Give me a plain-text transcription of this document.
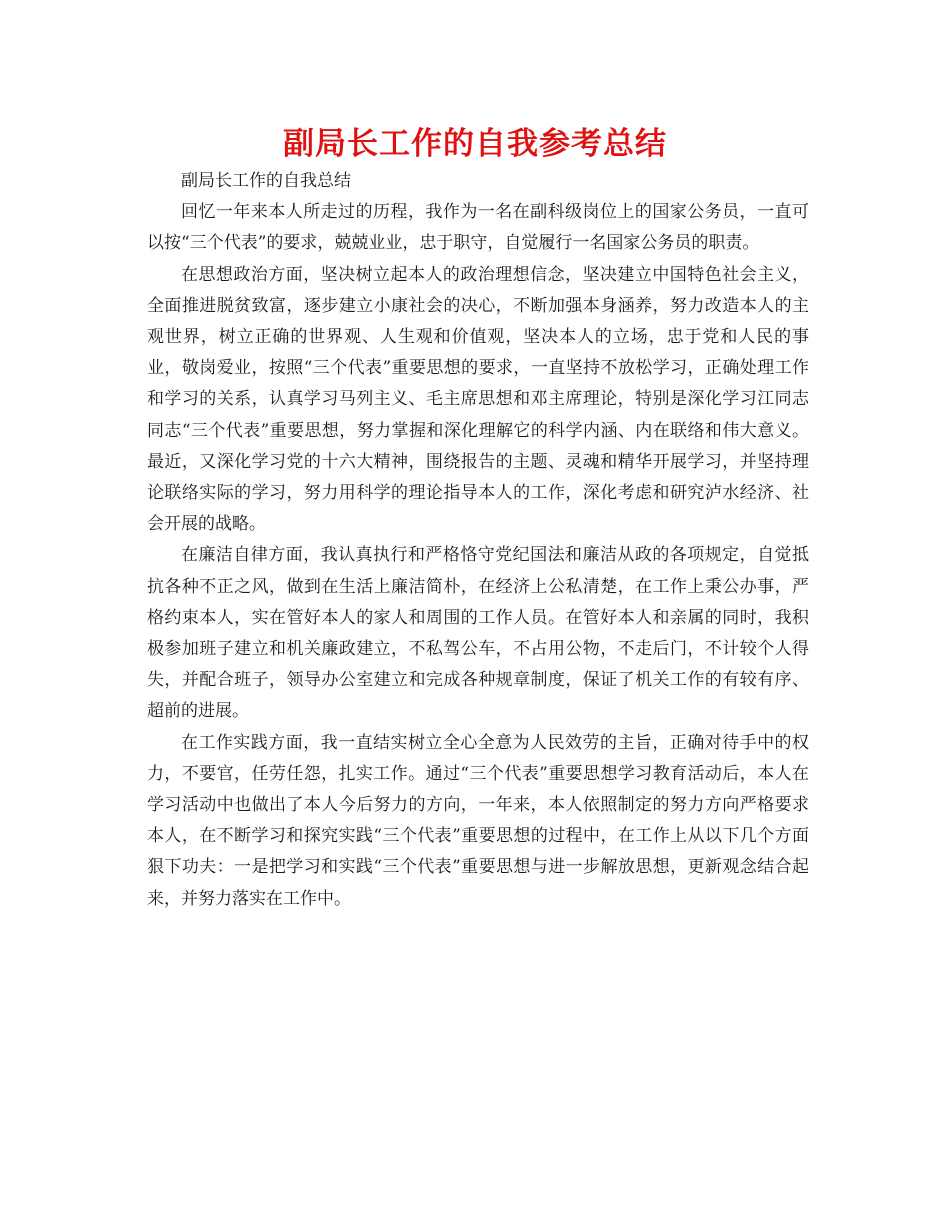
副局长工作的自我参考总结

副局长工作的自我总结

回忆一年来本人所走过的历程，我作为一名在副科级岗位上的国家公务员，一直可以按“三个代表”的要求，兢兢业业，忠于职守，自觉履行一名国家公务员的职责。

在思想政治方面，坚决树立起本人的政治理想信念，坚决建立中国特色社会主义，全面推进脱贫致富，逐步建立小康社会的决心，不断加强本身涵养，努力改造本人的主观世界，树立正确的世界观、人生观和价值观，坚决本人的立场，忠于党和人民的事业，敬岗爱业，按照“三个代表”重要思想的要求，一直坚持不放松学习，正确处理工作和学习的关系，认真学习马列主义、毛主席思想和邓主席理论，特别是深化学习江同志同志“三个代表”重要思想，努力掌握和深化理解它的科学内涵、内在联络和伟大意义。最近，又深化学习党的十六大精神，围绕报告的主题、灵魂和精华开展学习，并坚持理论联络实际的学习，努力用科学的理论指导本人的工作，深化考虑和研究泸水经济、社会开展的战略。

在廉洁自律方面，我认真执行和严格恪守党纪国法和廉洁从政的各项规定，自觉抵抗各种不正之风，做到在生活上廉洁简朴，在经济上公私清楚，在工作上秉公办事，严格约束本人，实在管好本人的家人和周围的工作人员。在管好本人和亲属的同时，我积极参加班子建立和机关廉政建立，不私驾公车，不占用公物，不走后门，不计较个人得失，并配合班子，领导办公室建立和完成各种规章制度，保证了机关工作的有较有序、超前的进展。

在工作实践方面，我一直结实树立全心全意为人民效劳的主旨，正确对待手中的权力，不要官，任劳任怨，扎实工作。通过“三个代表”重要思想学习教育活动后，本人在学习活动中也做出了本人今后努力的方向，一年来，本人依照制定的努力方向严格要求本人，在不断学习和探究实践“三个代表”重要思想的过程中，在工作上从以下几个方面狠下功夫：一是把学习和实践“三个代表”重要思想与进一步解放思想，更新观念结合起来，并努力落实在工作中。
